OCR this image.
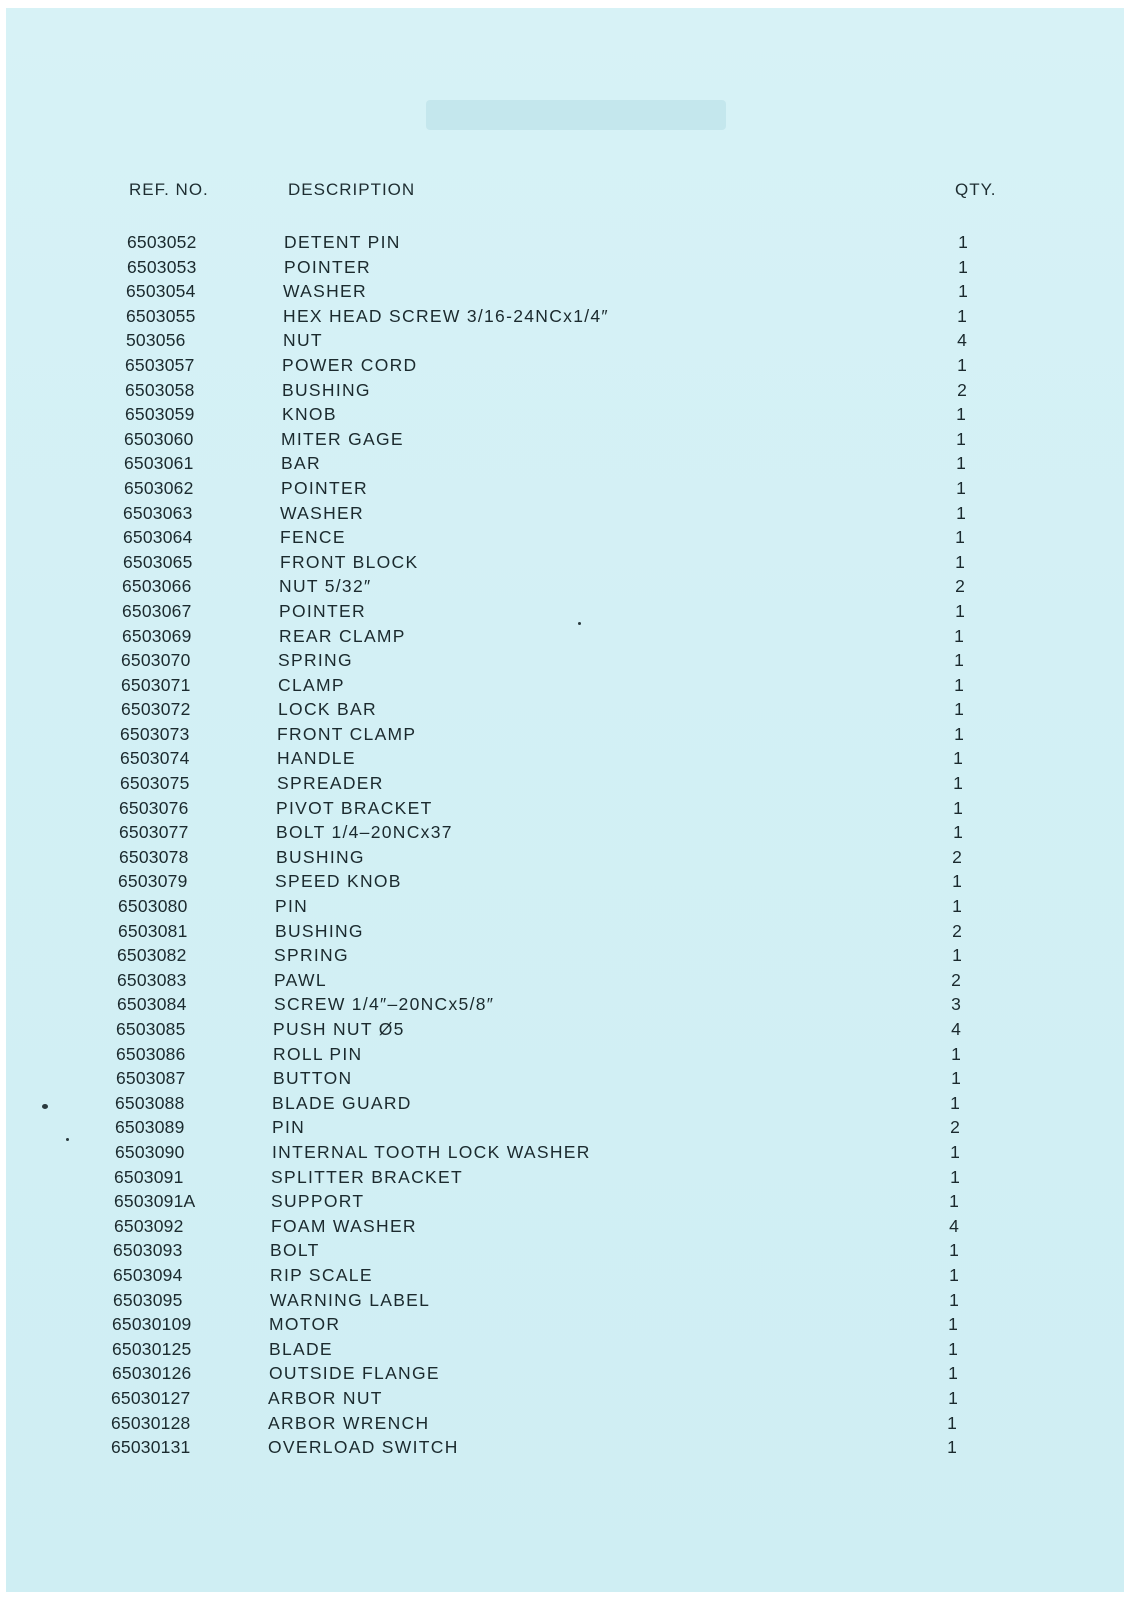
REF. NO.	DESCRIPTION	QTY.
6503052	DETENT PIN	1
6503053	POINTER	1
6503054	WASHER	1
6503055	HEX HEAD SCREW 3/16-24NCx1/4″	1
503056	NUT	4
6503057	POWER CORD	1
6503058	BUSHING	2
6503059	KNOB	1
6503060	MITER GAGE	1
6503061	BAR	1
6503062	POINTER	1
6503063	WASHER	1
6503064	FENCE	1
6503065	FRONT BLOCK	1
6503066	NUT 5/32″	2
6503067	POINTER	1
6503069	REAR CLAMP	1
6503070	SPRING	1
6503071	CLAMP	1
6503072	LOCK BAR	1
6503073	FRONT CLAMP	1
6503074	HANDLE	1
6503075	SPREADER	1
6503076	PIVOT BRACKET	1
6503077	BOLT 1/4–20NCx37	1
6503078	BUSHING	2
6503079	SPEED KNOB	1
6503080	PIN	1
6503081	BUSHING	2
6503082	SPRING	1
6503083	PAWL	2
6503084	SCREW 1/4″–20NCx5/8″	3
6503085	PUSH NUT Ø5	4
6503086	ROLL PIN	1
6503087	BUTTON	1
6503088	BLADE GUARD	1
6503089	PIN	2
6503090	INTERNAL TOOTH LOCK WASHER	1
6503091	SPLITTER BRACKET	1
6503091A	SUPPORT	1
6503092	FOAM WASHER	4
6503093	BOLT	1
6503094	RIP SCALE	1
6503095	WARNING LABEL	1
65030109	MOTOR	1
65030125	BLADE	1
65030126	OUTSIDE FLANGE	1
65030127	ARBOR NUT	1
65030128	ARBOR WRENCH	1
65030131	OVERLOAD SWITCH	1
